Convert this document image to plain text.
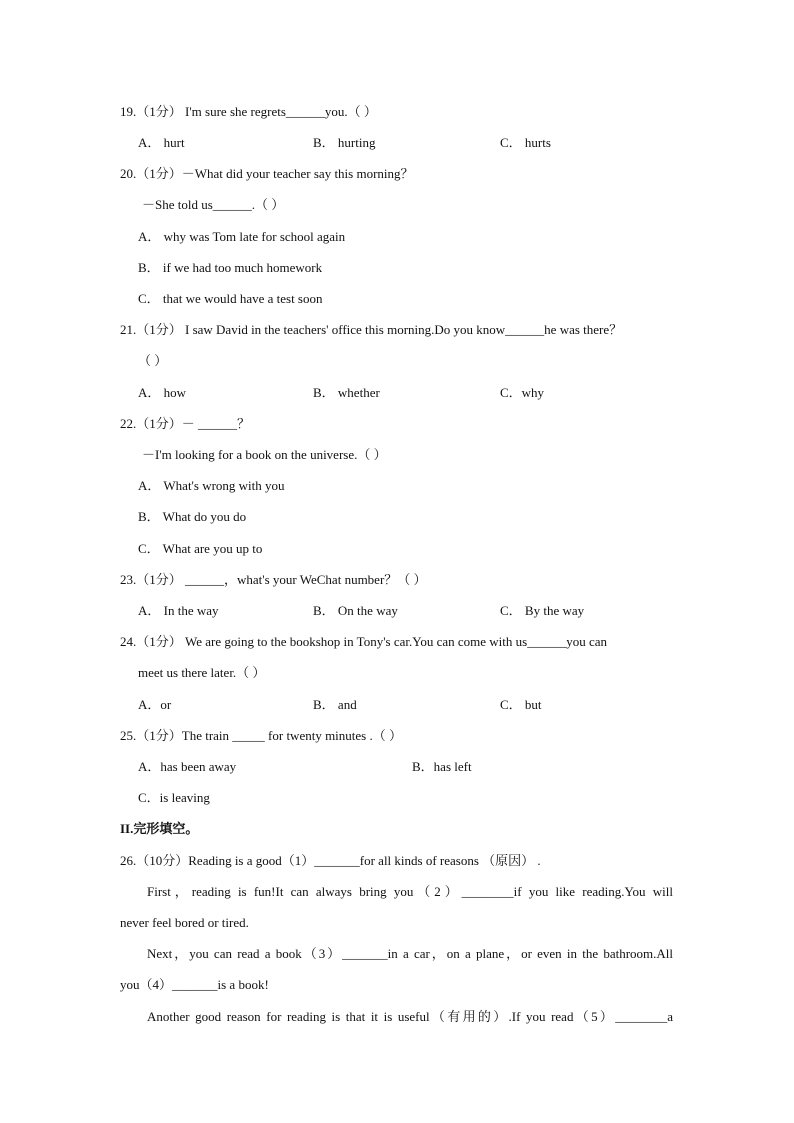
19.（1分） I'm sure she regrets______you.（ ）
A． hurt	B． hurting	C． hurts
20.（1分）－What did your teacher say this morning？
－She told us______.（ ）
A． why was Tom late for school again
B． if we had too much homework
C． that we would have a test soon
21.（1分） I saw David in the teachers' office this morning.Do you know______he was there？
（ ）
A． how	B． whether	C．why
22.（1分）－ ______？
－I'm looking for a book on the universe.（ ）
A． What's wrong with you
B． What do you do
C． What are you up to
23.（1分） ______，what's your WeChat number？（ ）
A． In the way	B． On the way	C． By the way
24.（1分） We are going to the bookshop in Tony's car.You can come with us______you can
meet us there later.（ ）
A．or	B． and	C． but
25.（1分）The train _____ for twenty minutes .（ ）
A．has been away	B．has left
C．is leaving
II.完形填空。
26.（10分）Reading is a good（1）_______for all kinds of reasons （原因） .
First，reading is fun!It can always bring you（2）________if you like reading.You will
never feel bored or tired.
Next，you can read a book（3）_______in a car，on a plane，or even in the bathroom.All
you（4）_______is a book!
Another good reason for reading is that it is useful（有用的）.If you read（5）________a
